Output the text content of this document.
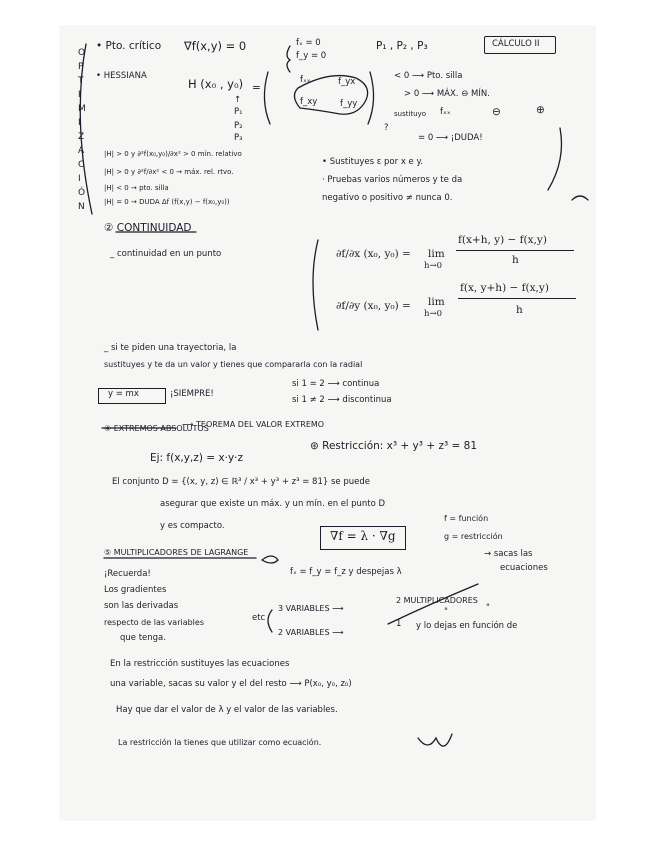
O
P
T
I
M
I
Z
A
C
I
Ó
N
• Pto. crítico ∇f(x,y) = 0	fₓ = 0
f_y = 0
P₁ , P₂ , P₃	CÁLCULO II
• HESSIANA
H (x₀ , y₀)
↑
P₁
P₂
P₃
=
fₓₓ	f_yx
f_xy	f_yy
< 0 ⟶ Pto. silla
> 0 ⟶ MÁX. ⊖ MÍN.
sustituyo fₓₓ	⊖	⊕
= 0 ⟶ ¡DUDA!
?
|H| > 0 y ∂²f(x₀,y₀)/∂x² > 0 mín. relativo
|H| > 0 y ∂²f/∂x² < 0 → máx. rel. rtvo.
|H| < 0 → pto. silla
|H| = 0 → DUDA Δf (f(x,y) − f(x₀,y₀))
• Sustituyes ε por x e y.
· Pruebas varios números y te da
negativo o positivo ≠ nunca 0.
② CONTINUIDAD
_ continuidad en un punto	∂f/∂x (x₀, y₀) = lim
h→0
f(x+h, y) − f(x,y)
h
∂f/∂y (x₀, y₀) = lim
h→0
f(x, y+h) − f(x,y)
h
_ si te piden una trayectoria, la
sustituyes y te da un valor y tienes que compararla con la radial
y = mx	¡SIEMPRE!
si 1 = 2 ⟶ continua
si 1 ≠ 2 ⟶ discontinua
④ EXTREMOS ABSOLUTOS
⟶ TEOREMA DEL VALOR EXTREMO
Ej: f(x,y,z) = x·y·z
⊛ Restricción: x³ + y³ + z³ = 81
El conjunto D = {(x, y, z) ∈ ℝ³ / x³ + y³ + z³ = 81} se puede
asegurar que existe un máx. y un mín. en el punto D
y es compacto.
⑤ MULTIPLICADORES DE LAGRANGE
∇f = λ · ∇g
f = función
g = restricción
¡Recuerda!
Los gradientes
son las derivadas
respecto de las variables
que tenga.
fₓ = f_y = f_z y despejas λ
→ sacas las
ecuaciones
etc
3 VARIABLES ⟶
2 MULTIPLICADORES
2 VARIABLES ⟶
1
"	"
y lo dejas en función de
En la restricción sustituyes las ecuaciones
una variable, sacas su valor y el del resto ⟶ P(x₀, y₀, z₀)
Hay que dar el valor de λ y el valor de las variables.
La restricción la tienes que utilizar como ecuación.
